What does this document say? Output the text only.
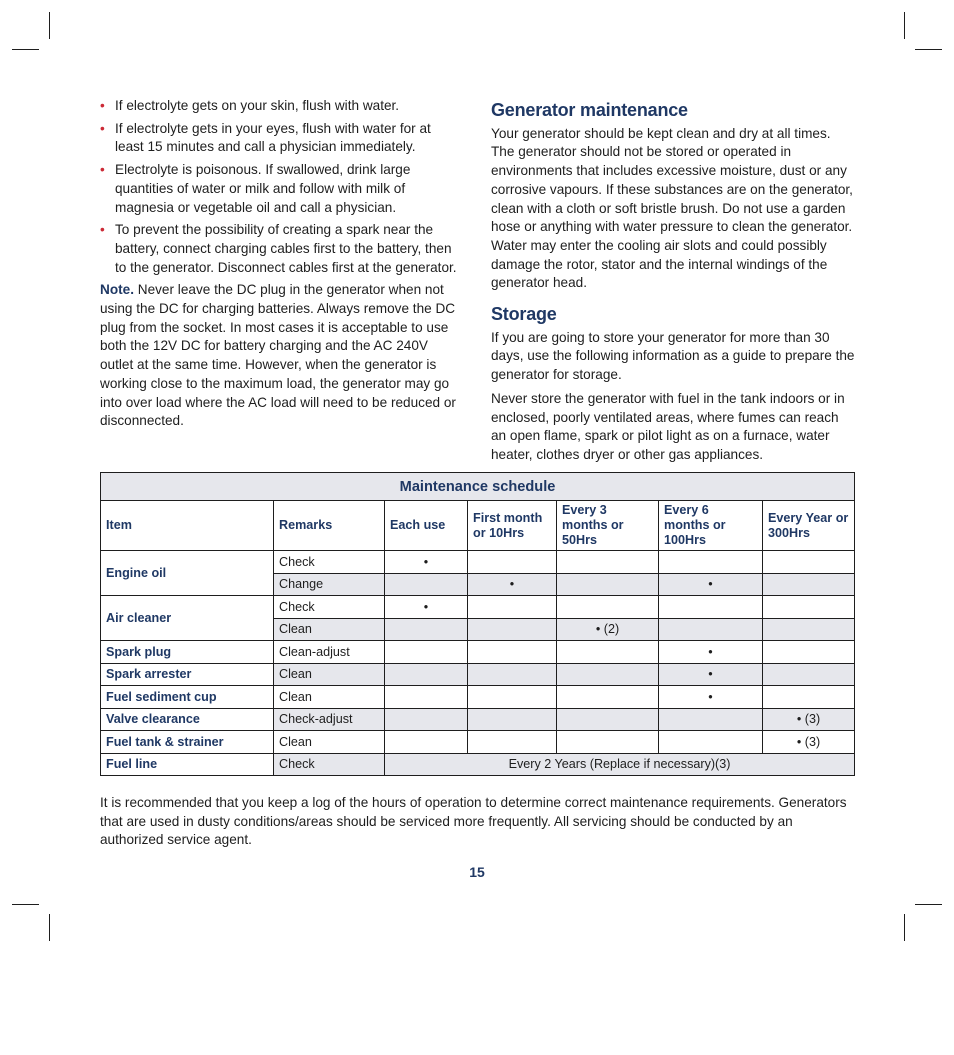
• If electrolyte gets on your skin, flush with water.
• If electrolyte gets in your eyes, flush with water for at least 15 minutes and call a physician immediately.
• Electrolyte is poisonous. If swallowed, drink large quantities of water or milk and follow with milk of magnesia or vegetable oil and call a physician.
• To prevent the possibility of creating a spark near the battery, connect charging cables first to the battery, then to the generator. Disconnect cables first at the generator.

Note. Never leave the DC plug in the generator when not using the DC for charging batteries. Always remove the DC plug from the socket. In most cases it is acceptable to use both the 12V DC for battery charging and the AC 240V outlet at the same time. However, when the generator is working close to the maximum load, the generator may go into over load where the AC load will need to be reduced or disconnected.

Generator maintenance

Your generator should be kept clean and dry at all times. The generator should not be stored or operated in environments that includes excessive moisture, dust or any corrosive vapours. If these substances are on the generator, clean with a cloth or soft bristle brush. Do not use a garden hose or anything with water pressure to clean the generator. Water may enter the cooling air slots and could possibly damage the rotor, stator and the internal windings of the generator head.

Storage

If you are going to store your generator for more than 30 days, use the following information as a guide to prepare the generator for storage.

Never store the generator with fuel in the tank indoors or in enclosed, poorly ventilated areas, where fumes can reach an open flame, spark or pilot light as on a furnace, water heater, clothes dryer or other gas appliances.

Maintenance schedule						
Item	Remarks	Each use	First month or 10Hrs	Every 3 months or 50Hrs	Every 6 months or 100Hrs	Every Year or 300Hrs
Engine oil	Check	•				
	Change		•		•	
Air cleaner	Check	•				
	Clean			• (2)		
Spark plug	Clean-adjust				•	
Spark arrester	Clean				•	
Fuel sediment cup	Clean				•	
Valve clearance	Check-adjust					• (3)
Fuel tank & strainer	Clean					• (3)
Fuel line	Check	Every 2 Years (Replace if necessary)(3)				

It is recommended that you keep a log of the hours of operation to determine correct maintenance requirements. Generators that are used in dusty conditions/areas should be serviced more frequently. All servicing should be conducted by an authorized service agent.

15
